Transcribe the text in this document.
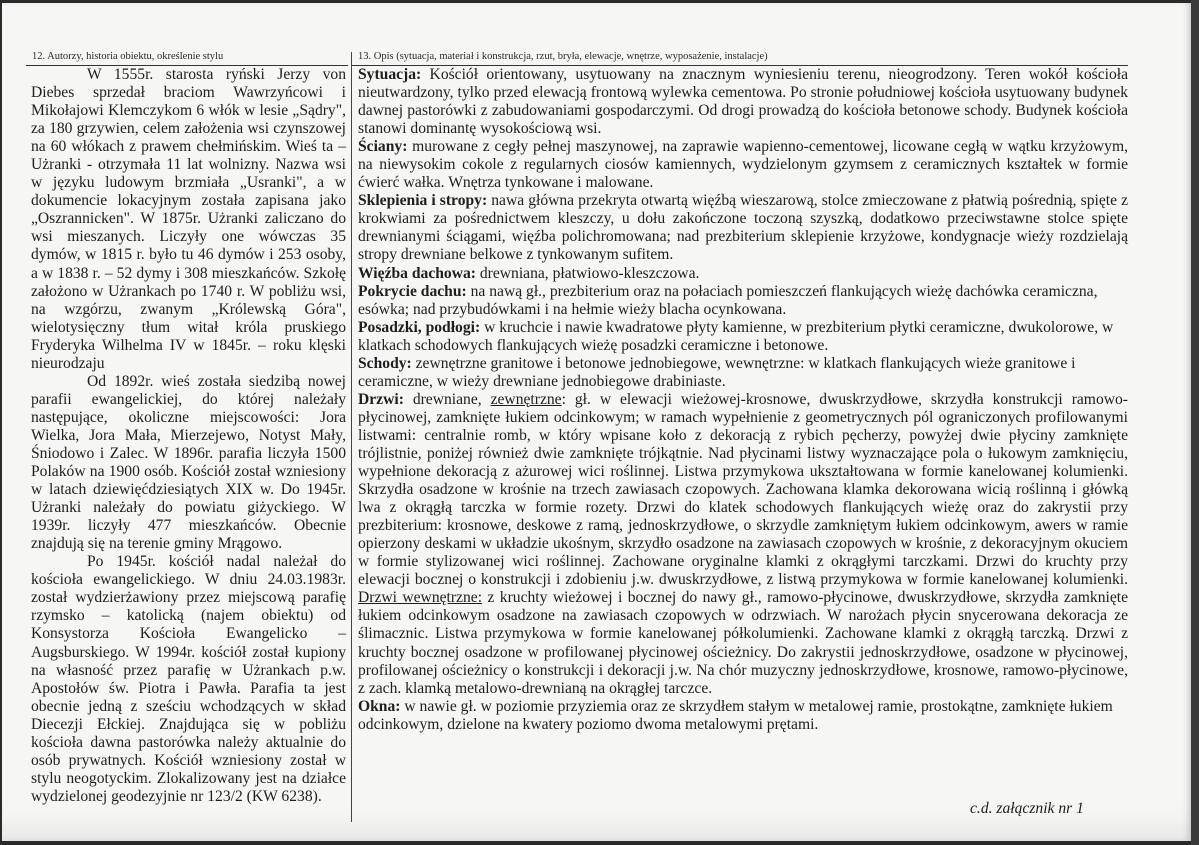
12. Autorzy, historia obiektu, określenie stylu	13. Opis (sytuacja, materiał i konstrukcja, rzut, bryła, elewacje, wnętrze, wyposażenie, instalacje)

W 1555r. starosta ryński Jerzy von Diebes sprzedał braciom Wawrzyńcowi i Mikołajowi Klemczykom 6 włók w lesie „Sądry", za 180 grzywien, celem założenia wsi czynszowej na 60 włókach z prawem chełmińskim. Wieś ta – Użranki - otrzymała 11 lat wolnizny. Nazwa wsi w języku ludowym brzmiała „Usranki", a w dokumencie lokacyjnym została zapisana jako „Oszrannicken". W 1875r. Użranki zaliczano do wsi mieszanych. Liczyły one wówczas 35 dymów, w 1815 r. było tu 46 dymów i 253 osoby, a w 1838 r. – 52 dymy i 308 mieszkańców. Szkołę założono w Użrankach po 1740 r. W pobliżu wsi, na wzgórzu, zwanym „Królewską Góra", wielotysięczny tłum witał króla pruskiego Fryderyka Wilhelma IV w 1845r. – roku klęski nieurodzaju

Od 1892r. wieś została siedzibą nowej parafii ewangelickiej, do której należały następujące, okoliczne miejscowości: Jora Wielka, Jora Mała, Mierzejewo, Notyst Mały, Śniodowo i Zalec. W 1896r. parafia liczyła 1500 Polaków na 1900 osób. Kościół został wzniesiony w latach dziewięćdziesiątych XIX w. Do 1945r. Użranki należały do powiatu giżyckiego. W 1939r. liczyły 477 mieszkańców. Obecnie znajdują się na terenie gminy Mrągowo.

Po 1945r. kościół nadal należał do kościoła ewangelickiego. W dniu 24.03.1983r. został wydzierżawiony przez miejscową parafię rzymsko – katolicką (najem obiektu) od Konsystorza Kościoła Ewangelicko – Augsburskiego. W 1994r. kościół został kupiony na własność przez parafię w Użrankach p.w. Apostołów św. Piotra i Pawła. Parafia ta jest obecnie jedną z sześciu wchodzących w skład Diecezji Ełckiej. Znajdująca się w pobliżu kościoła dawna pastorówka należy aktualnie do osób prywatnych. Kościół wzniesiony został w stylu neogotyckim. Zlokalizowany jest na działce wydzielonej geodezyjnie nr 123/2 (KW 6238).

Sytuacja: Kościół orientowany, usytuowany na znacznym wyniesieniu terenu, nieogrodzony. Teren wokół kościoła nieutwardzony, tylko przed elewacją frontową wylewka cementowa. Po stronie południowej kościoła usytuowany budynek dawnej pastorówki z zabudowaniami gospodarczymi. Od drogi prowadzą do kościoła betonowe schody. Budynek kościoła stanowi dominantę wysokościową wsi.

Ściany: murowane z cegły pełnej maszynowej, na zaprawie wapienno-cementowej, licowane cegłą w wątku krzyżowym, na niewysokim cokole z regularnych ciosów kamiennych, wydzielonym gzymsem z ceramicznych kształtek w formie ćwierć wałka. Wnętrza tynkowane i malowane.

Sklepienia i stropy: nawa główna przekryta otwartą więźbą wieszarową, stolce zmieczowane z płatwią pośrednią, spięte z krokwiami za pośrednictwem kleszczy, u dołu zakończone toczoną szyszką, dodatkowo przeciwstawne stolce spięte drewnianymi ściągami, więźba polichromowana; nad prezbiterium sklepienie krzyżowe, kondygnacje wieży rozdzielają stropy drewniane belkowe z tynkowanym sufitem.

Więźba dachowa: drewniana, płatwiowo-kleszczowa.

Pokrycie dachu: na nawą gł., prezbiterium oraz na połaciach pomieszczeń flankujących wieżę dachówka ceramiczna, esówka; nad przybudówkami i na hełmie wieży blacha ocynkowana.

Posadzki, podłogi: w kruchcie i nawie kwadratowe płyty kamienne, w prezbiterium płytki ceramiczne, dwukolorowe, w klatkach schodowych flankujących wieżę posadzki ceramiczne i betonowe.

Schody: zewnętrzne granitowe i betonowe jednobiegowe, wewnętrzne: w klatkach flankujących wieże granitowe i ceramiczne, w wieży drewniane jednobiegowe drabiniaste.

Drzwi: drewniane, zewnętrzne: gł. w elewacji wieżowej-krosnowe, dwuskrzydłowe, skrzydła konstrukcji ramowo-płycinowej, zamknięte łukiem odcinkowym; w ramach wypełnienie z geometrycznych pól ograniczonych profilowanymi listwami: centralnie romb, w który wpisane koło z dekoracją z rybich pęcherzy, powyżej dwie płyciny zamknięte trójlistnie, poniżej również dwie zamknięte trójkątnie. Nad płycinami listwy wyznaczające pola o łukowym zamknięciu, wypełnione dekoracją z ażurowej wici roślinnej. Listwa przymykowa ukształtowana w formie kanelowanej kolumienki. Skrzydła osadzone w krośnie na trzech zawiasach czopowych. Zachowana klamka dekorowana wicią roślinną i główką lwa z okrągłą tarczka w formie rozety. Drzwi do klatek schodowych flankujących wieżę oraz do zakrystii przy prezbiterium: krosnowe, deskowe z ramą, jednoskrzydłowe, o skrzydle zamkniętym łukiem odcinkowym, awers w ramie opierzony deskami w układzie ukośnym, skrzydło osadzone na zawiasach czopowych w krośnie, z dekoracyjnym okuciem w formie stylizowanej wici roślinnej. Zachowane oryginalne klamki z okrągłymi tarczkami. Drzwi do kruchty przy elewacji bocznej o konstrukcji i zdobieniu j.w. dwuskrzydłowe, z listwą przymykowa w formie kanelowanej kolumienki. Drzwi wewnętrzne: z kruchty wieżowej i bocznej do nawy gł., ramowo-płycinowe, dwuskrzydłowe, skrzydła zamknięte łukiem odcinkowym osadzone na zawiasach czopowych w odrzwiach. W narożach płycin snycerowana dekoracja ze ślimacznic. Listwa przymykowa w formie kanelowanej półkolumienki. Zachowane klamki z okrągłą tarczką. Drzwi z kruchty bocznej osadzone w profilowanej płycinowej ościeżnicy. Do zakrystii jednoskrzydłowe, osadzone w płycinowej, profilowanej ościeżnicy o konstrukcji i dekoracji j.w. Na chór muzyczny jednoskrzydłowe, krosnowe, ramowo-płycinowe, z zach. klamką metalowo-drewnianą na okrągłej tarczce.

Okna: w nawie gł. w poziomie przyziemia oraz ze skrzydłem stałym w metalowej ramie, prostokątne, zamknięte łukiem odcinkowym, dzielone na kwatery poziomo dwoma metalowymi prętami.

c.d. załącznik nr 1
